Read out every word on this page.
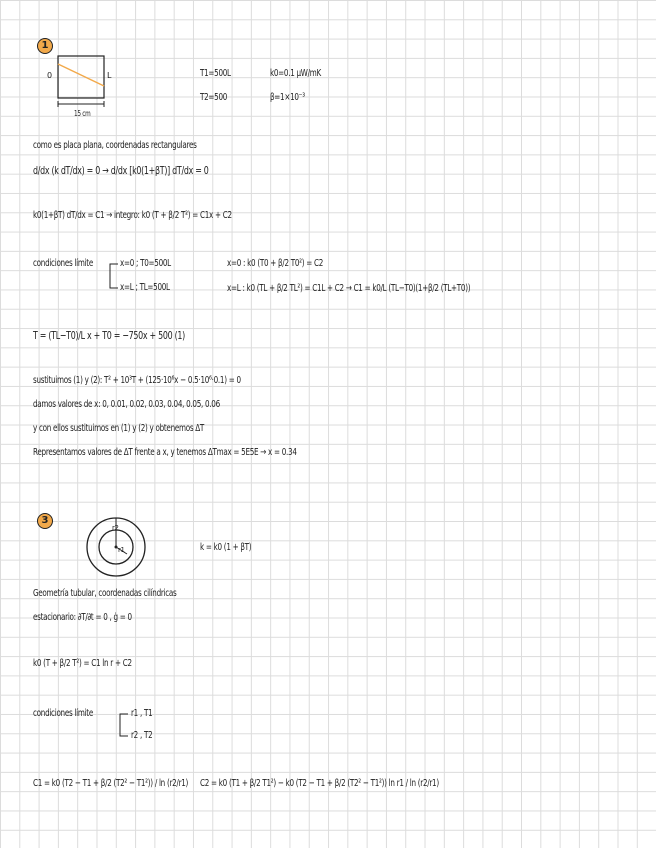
1
0	L
15 cm
T1=500L
T2=500
k0=0.1 µW/mK
β=1×10⁻³
como es placa plana, coordenadas rectangulares
d/dx (k dT/dx) = 0 → d/dx [k0(1+βT)] dT/dx = 0
k0(1+βT) dT/dx = C1 → integro: k0 (T + β/2 T²) = C1x + C2
condiciones límite	x=0 ; T0=500L
x=L ; TL=500L
x=0 : k0 (T0 + β/2 T0²) = C2
x=L : k0 (TL + β/2 TL²) = C1L + C2 → C1 = k0/L (TL−T0)(1+β/2 (TL+T0))
T = (TL−T0)/L x + T0 = −750x + 500 (1)
sustituimos (1) y (2): T² + 10³T + (125·10⁶x − 0.5·10⁶·0.1) = 0
damos valores de x: 0, 0.01, 0.02, 0.03, 0.04, 0.05, 0.06
y con ellos sustituimos en (1) y (2) y obtenemos ΔT
Representamos valores de ΔT frente a x, y tenemos ΔTmax = 5E5E → x = 0.34
3
r2
r1	k = k0 (1 + βT)
Geometría tubular, coordenadas cilíndricas
estacionario: ∂T/∂t = 0 , ġ = 0
k0 (T + β/2 T²) = C1 ln r + C2
condiciones límite	r1 , T1
r2 , T2
C1 = k0 (T2 − T1 + β/2 (T2² − T1²)) / ln (r2/r1) C2 = k0 (T1 + β/2 T1²) − k0 (T2 − T1 + β/2 (T2² − T1²)) ln r1 / ln (r2/r1)
